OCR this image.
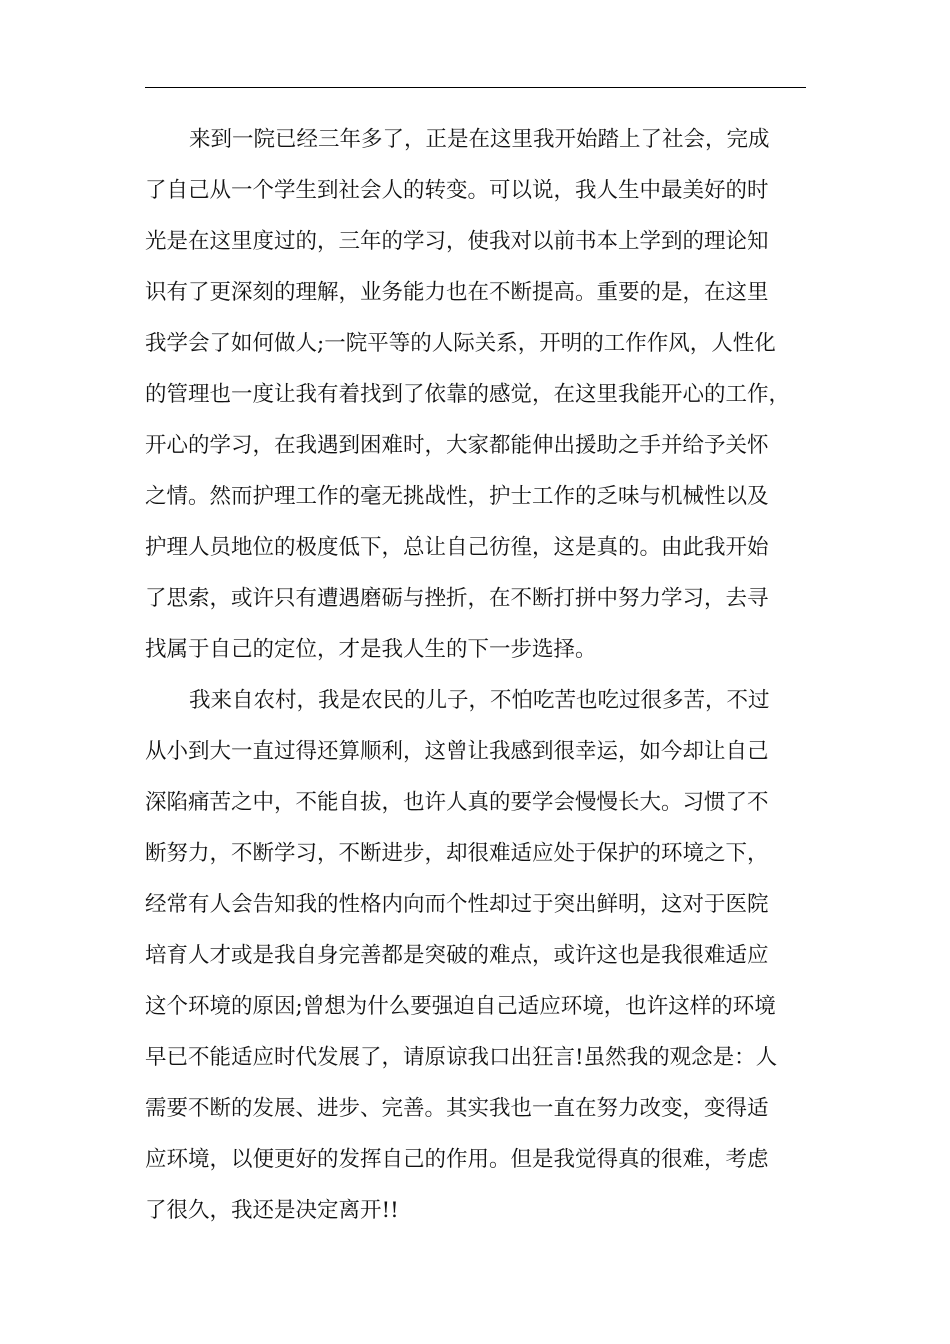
来到一院已经三年多了，正是在这里我开始踏上了社会，完成
了自己从一个学生到社会人的转变。可以说，我人生中最美好的时
光是在这里度过的，三年的学习，使我对以前书本上学到的理论知
识有了更深刻的理解，业务能力也在不断提高。重要的是，在这里
我学会了如何做人;一院平等的人际关系，开明的工作作风，人性化
的管理也一度让我有着找到了依靠的感觉，在这里我能开心的工作，
开心的学习，在我遇到困难时，大家都能伸出援助之手并给予关怀
之情。然而护理工作的毫无挑战性，护士工作的乏味与机械性以及
护理人员地位的极度低下，总让自己彷徨，这是真的。由此我开始
了思索，或许只有遭遇磨砺与挫折，在不断打拼中努力学习，去寻
找属于自己的定位，才是我人生的下一步选择。
我来自农村，我是农民的儿子，不怕吃苦也吃过很多苦，不过
从小到大一直过得还算顺利，这曾让我感到很幸运，如今却让自己
深陷痛苦之中，不能自拔，也许人真的要学会慢慢长大。习惯了不
断努力，不断学习，不断进步，却很难适应处于保护的环境之下，
经常有人会告知我的性格内向而个性却过于突出鲜明，这对于医院
培育人才或是我自身完善都是突破的难点，或许这也是我很难适应
这个环境的原因;曾想为什么要强迫自己适应环境，也许这样的环境
早已不能适应时代发展了，请原谅我口出狂言!虽然我的观念是：人
需要不断的发展、进步、完善。其实我也一直在努力改变，变得适
应环境，以便更好的发挥自己的作用。但是我觉得真的很难，考虑
了很久，我还是决定离开!!
